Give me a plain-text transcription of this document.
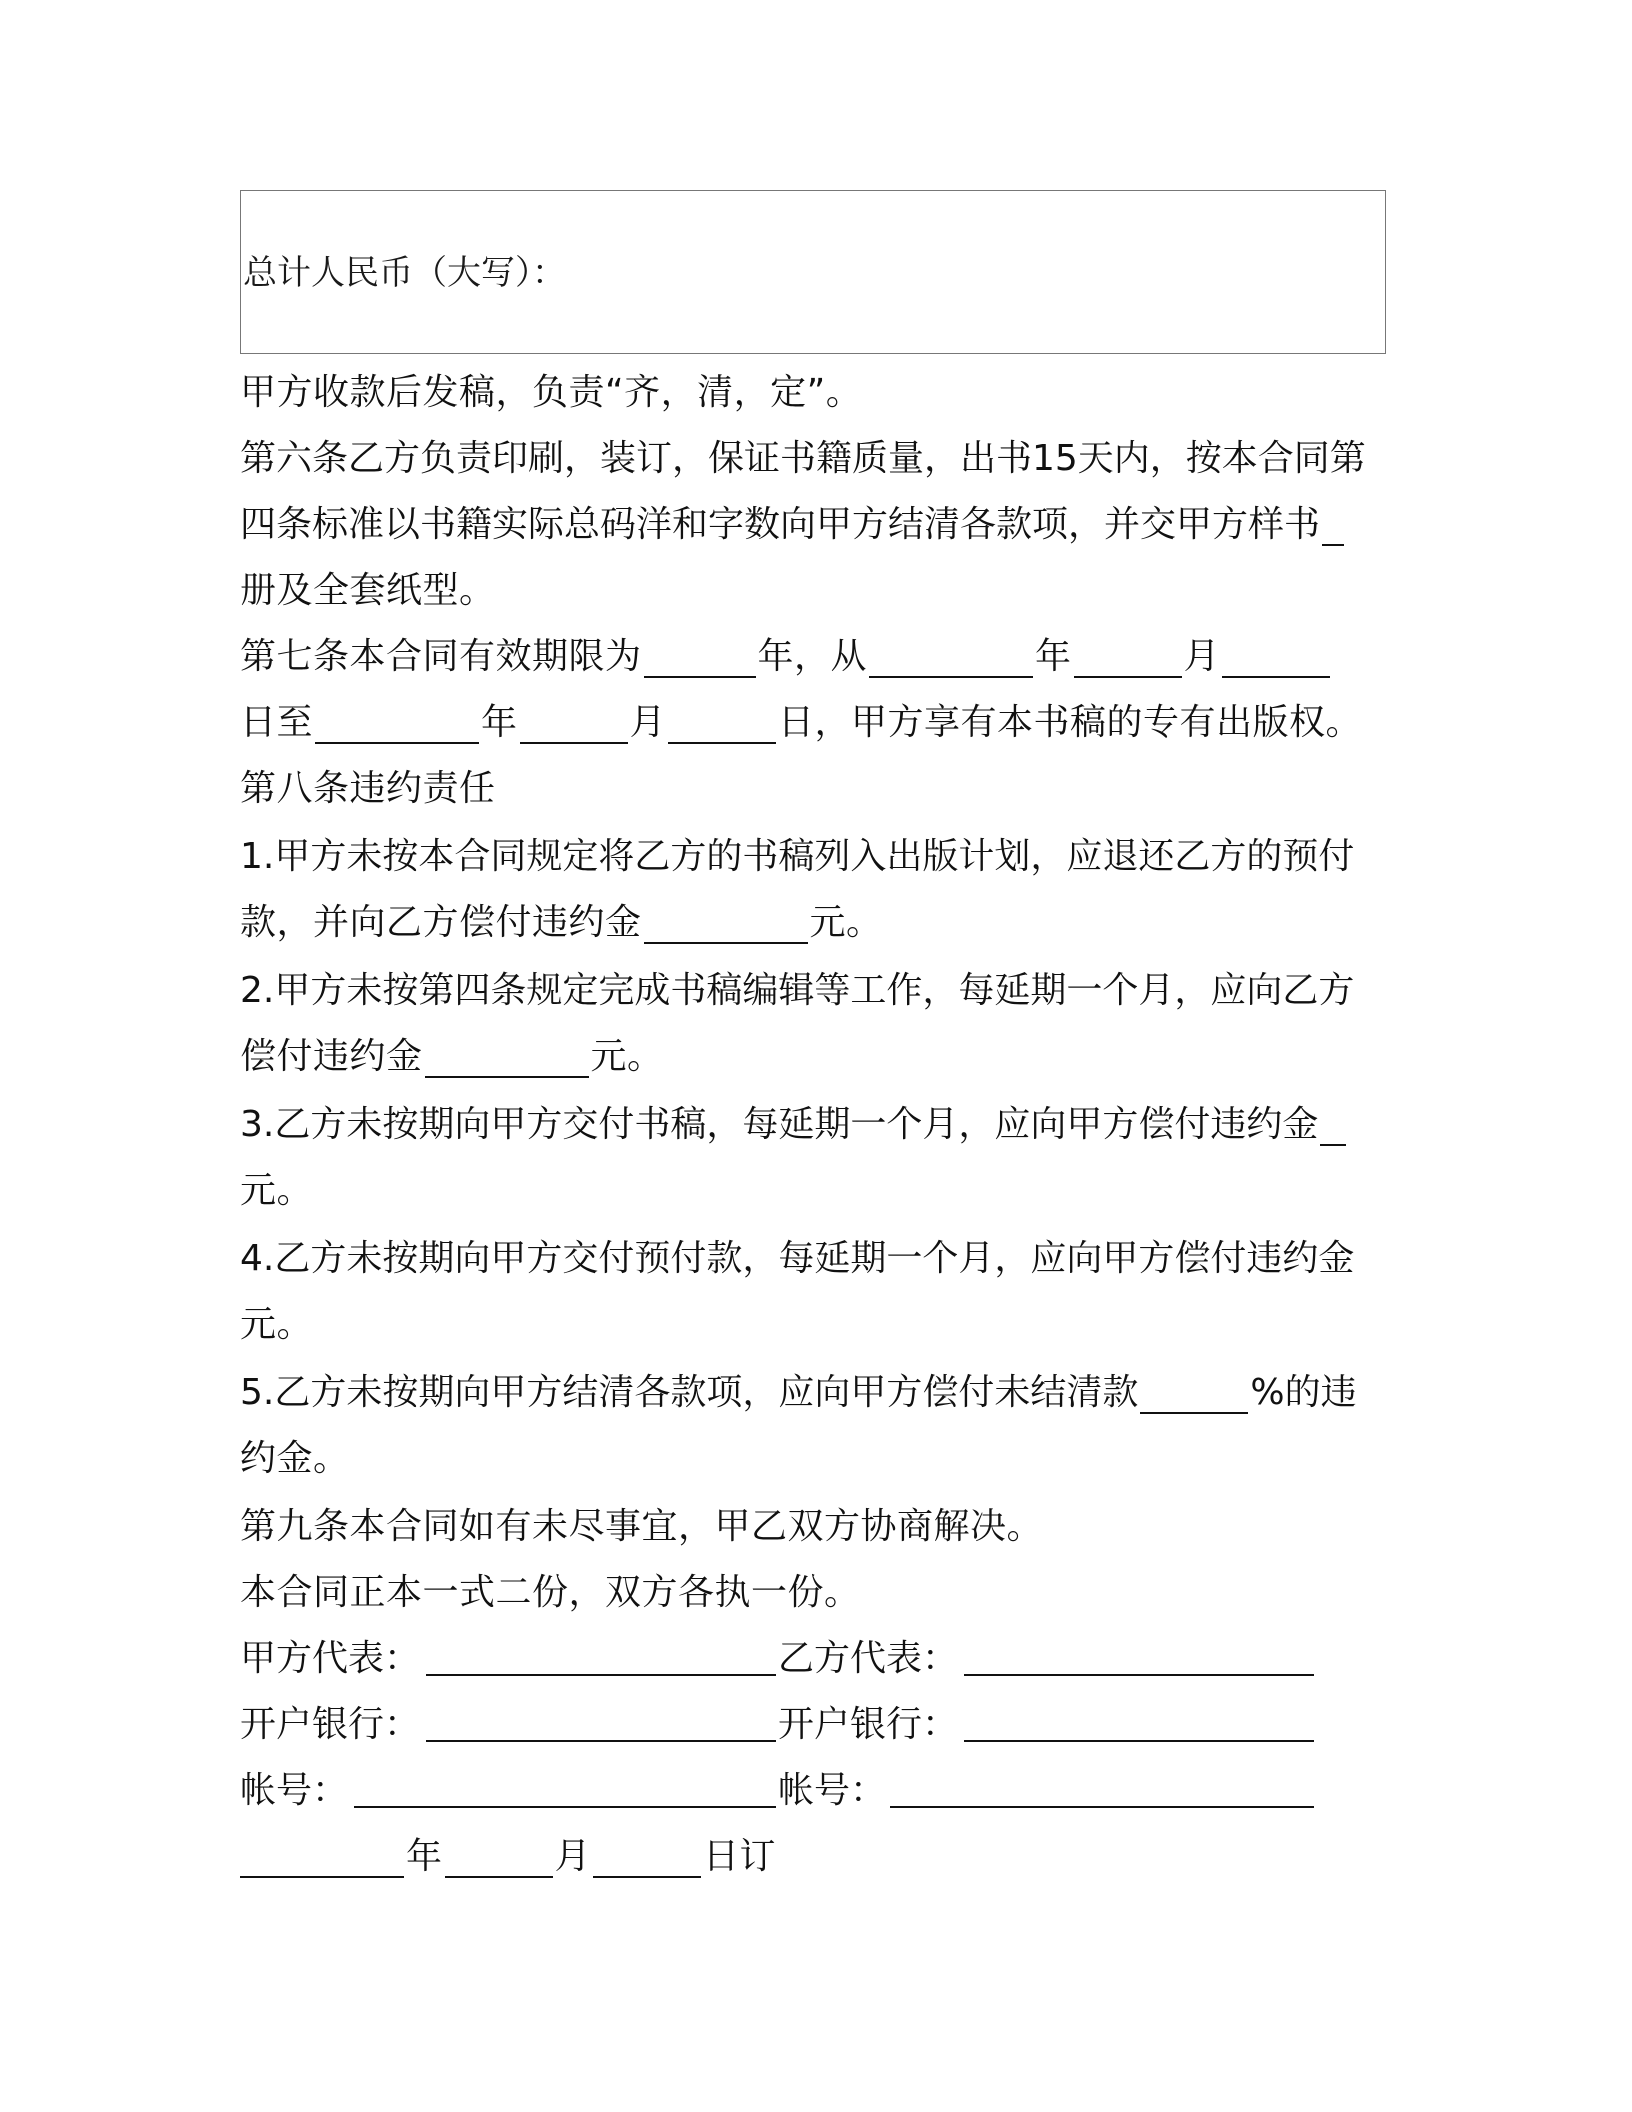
总计人民币（大写）：
甲方收款后发稿，负责“齐，清，定”。
第六条乙方负责印刷，装订，保证书籍质量，出书15天内，按本合同第
四条标准以书籍实际总码洋和字数向甲方结清各款项，并交甲方样书
册及全套纸型。
第七条本合同有效期限为	年，从	年	月
日至	年	月	日，甲方享有本书稿的专有出版权。
第八条违约责任
1.甲方未按本合同规定将乙方的书稿列入出版计划，应退还乙方的预付
款，并向乙方偿付违约金	元。
2.甲方未按第四条规定完成书稿编辑等工作，每延期一个月，应向乙方
偿付违约金	元。
3.乙方未按期向甲方交付书稿，每延期一个月，应向甲方偿付违约金
元。
4.乙方未按期向甲方交付预付款，每延期一个月，应向甲方偿付违约金
元。
5.乙方未按期向甲方结清各款项，应向甲方偿付未结清款	%的违
约金。
第九条本合同如有未尽事宜，甲乙双方协商解决。
本合同正本一式二份，双方各执一份。
甲方代表：	乙方代表：
开户银行：	开户银行：
帐号：	帐号：
年	月	日订
